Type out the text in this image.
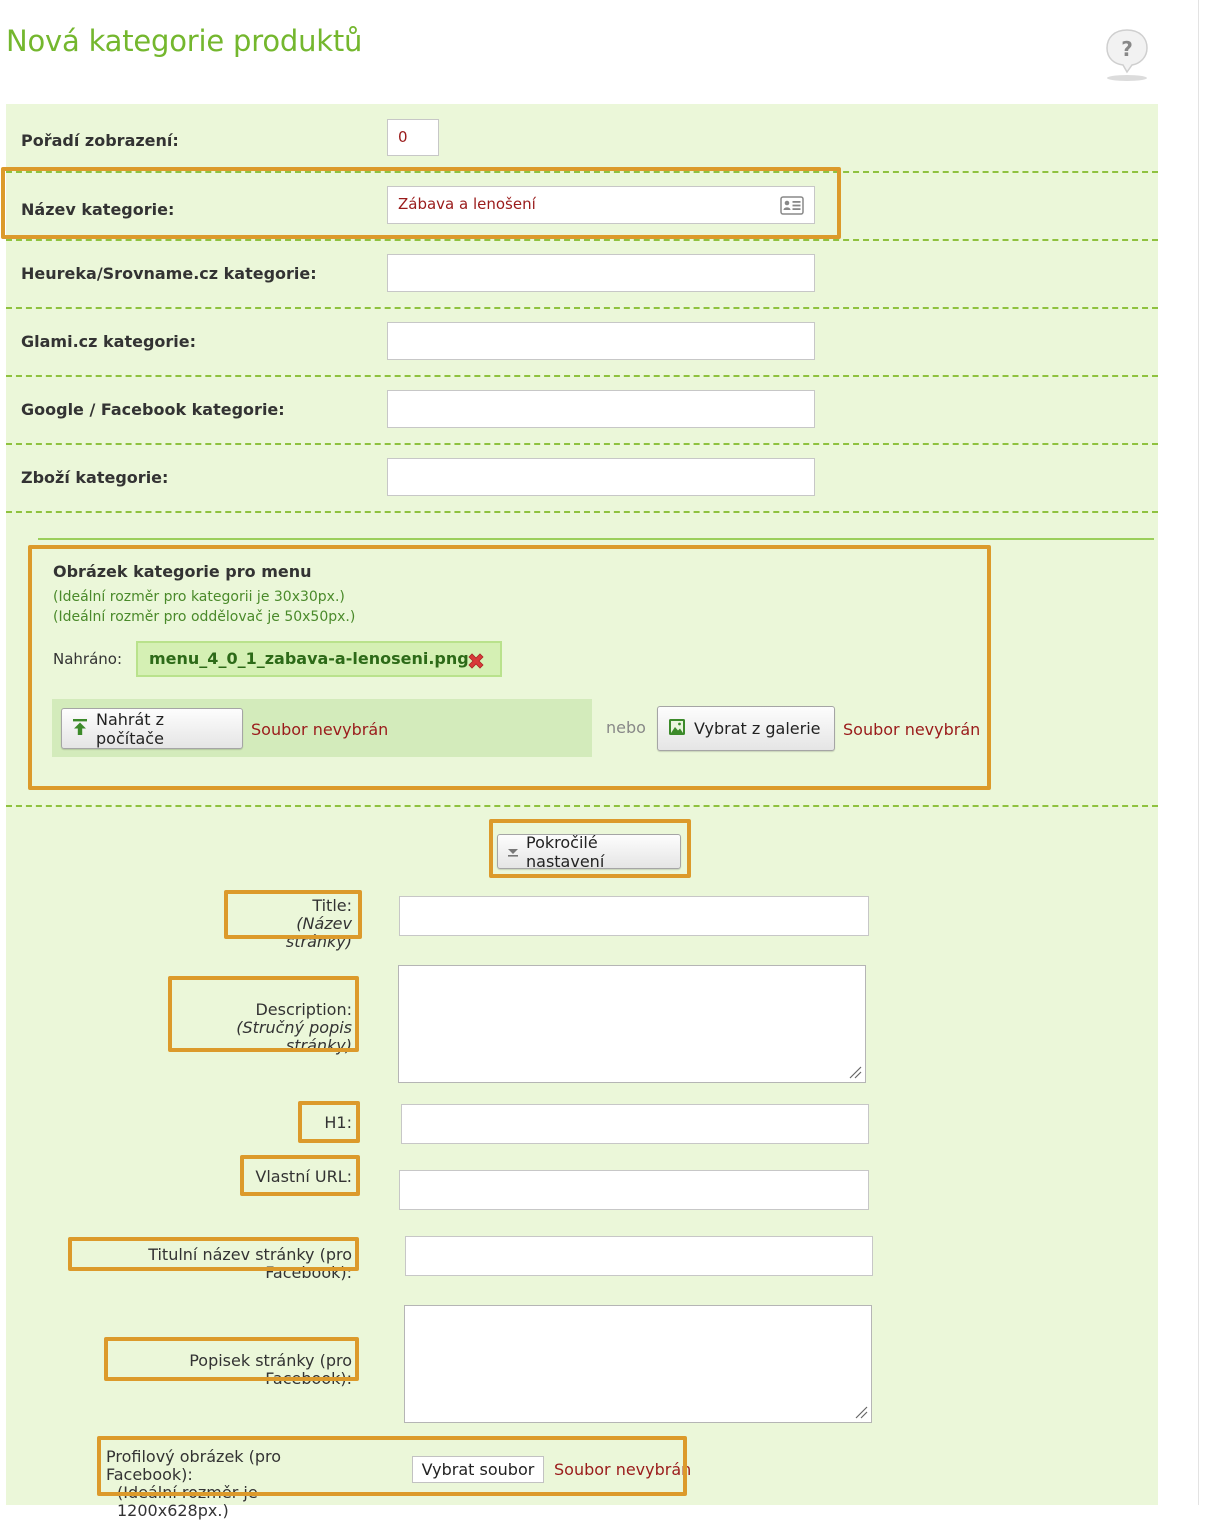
Nová kategorie produktů	?
Pořadí zobrazení:	0
Název kategorie:	Zábava a lenošení
Heureka/Srovname.cz kategorie:
Glami.cz kategorie:
Google / Facebook kategorie:
Zboží kategorie:
Obrázek kategorie pro menu
(Ideální rozměr pro kategorii je 30x30px.)
(Ideální rozměr pro oddělovač je 50x50px.)
Nahráno:	menu_4_0_1_zabava-a-lenoseni.png
Nahrát z počítače	Soubor nevybrán	nebo	Vybrat z galerie Soubor nevybrán
Pokročilé nastavení
Title:
(Název stránky)
Description:
(Stručný popis stránky)
H1:
Vlastní URL:
Titulní název stránky (pro Facebook):
Popisek stránky (pro Facebook):
Profilový obrázek (pro Facebook):
(Ideální rozměr je 1200x628px.)
Vybrat soubor Soubor nevybrán
